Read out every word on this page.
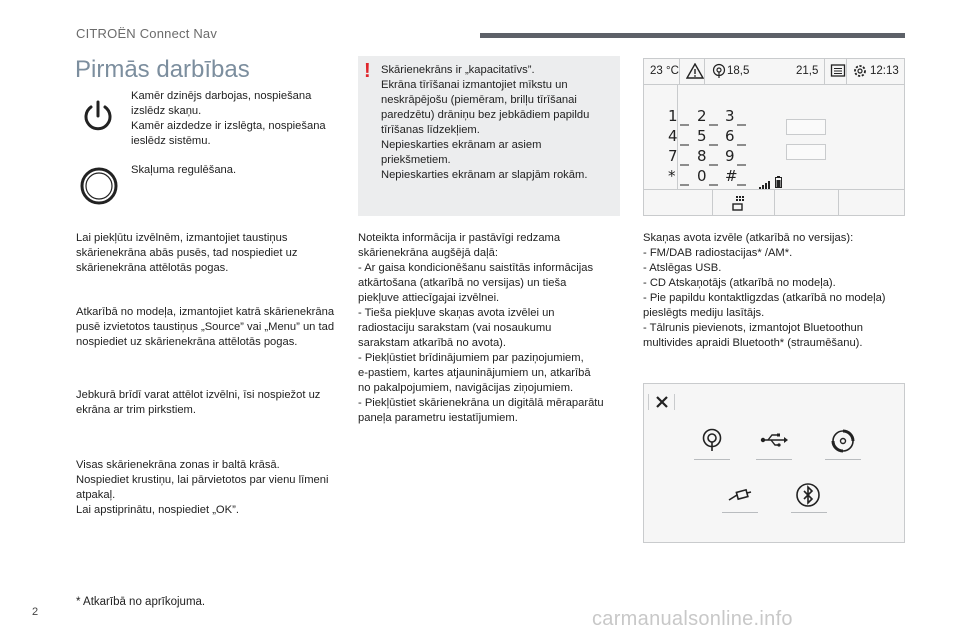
CITROËN Connect Nav
Pirmās darbības
Kamēr dzinējs darbojas, nospiešana
izslēdz skaņu.
Kamēr aizdedze ir izslēgta, nospiešana
ieslēdz sistēmu.
Skaļuma regulēšana.
Lai piekļūtu izvēlnēm, izmantojiet taustiņus
skārienekrāna abās pusēs, tad nospiediet uz
skārienekrāna attēlotās pogas.
Atkarībā no modeļa, izmantojiet katrā skārienekrāna
pusē izvietotos taustiņus „Source” vai „Menu” un tad
nospiediet uz skārienekrāna attēlotās pogas.
Jebkurā brīdī varat attēlot izvēlni, īsi nospiežot uz
ekrāna ar trim pirkstiem.
Visas skārienekrāna zonas ir baltā krāsā.
Nospiediet krustiņu, lai pārvietotos par vienu līmeni
atpakaļ.
Lai apstiprinātu, nospiediet „OK”.
! Skārienekrāns ir „kapacitatīvs”.
Ekrāna tīrīšanai izmantojiet mīkstu un
neskrāpējošu (piemēram, brilļu tīrīšanai
paredzētu) drāniņu bez jebkādiem papildu
tīrīšanas līdzekļiem.
Nepieskarties ekrānam ar asiem
priekšmetiem.
Nepieskarties ekrānam ar slapjām rokām.
Noteikta informācija ir pastāvīgi redzama
skārienekrāna augšējā daļā:
- Ar gaisa kondicionēšanu saistītās informācijas
atkārtošana (atkarībā no versijas) un tieša
piekļuve attiecīgajai izvēlnei.
- Tieša piekļuve skaņas avota izvēlei un
radiostaciju sarakstam (vai nosaukumu
sarakstam atkarībā no avota).
- Piekļūstiet brīdinājumiem par paziņojumiem,
e-pastiem, kartes atjauninājumiem un, atkarībā
no pakalpojumiem, navigācijas ziņojumiem.
- Piekļūstiet skārienekrāna un digitālā mēraparātu
paneļa parametru iestatījumiem.
23 °C	18,5	21,5	12:13
1 2 3
4 5 6
7 8 9
* 0 #
Skaņas avota izvēle (atkarībā no versijas):
- FM/DAB radiostacijas* /AM*.
- Atslēgas USB.
- CD Atskaņotājs (atkarībā no modeļa).
- Pie papildu kontaktligzdas (atkarībā no modeļa)
pieslēgts mediju lasītājs.
- Tālrunis pievienots, izmantojot Bluetoothun
multivides apraidi Bluetooth* (straumēšanu).
* Atkarībā no aprīkojuma.
2	carmanualsonline.info
